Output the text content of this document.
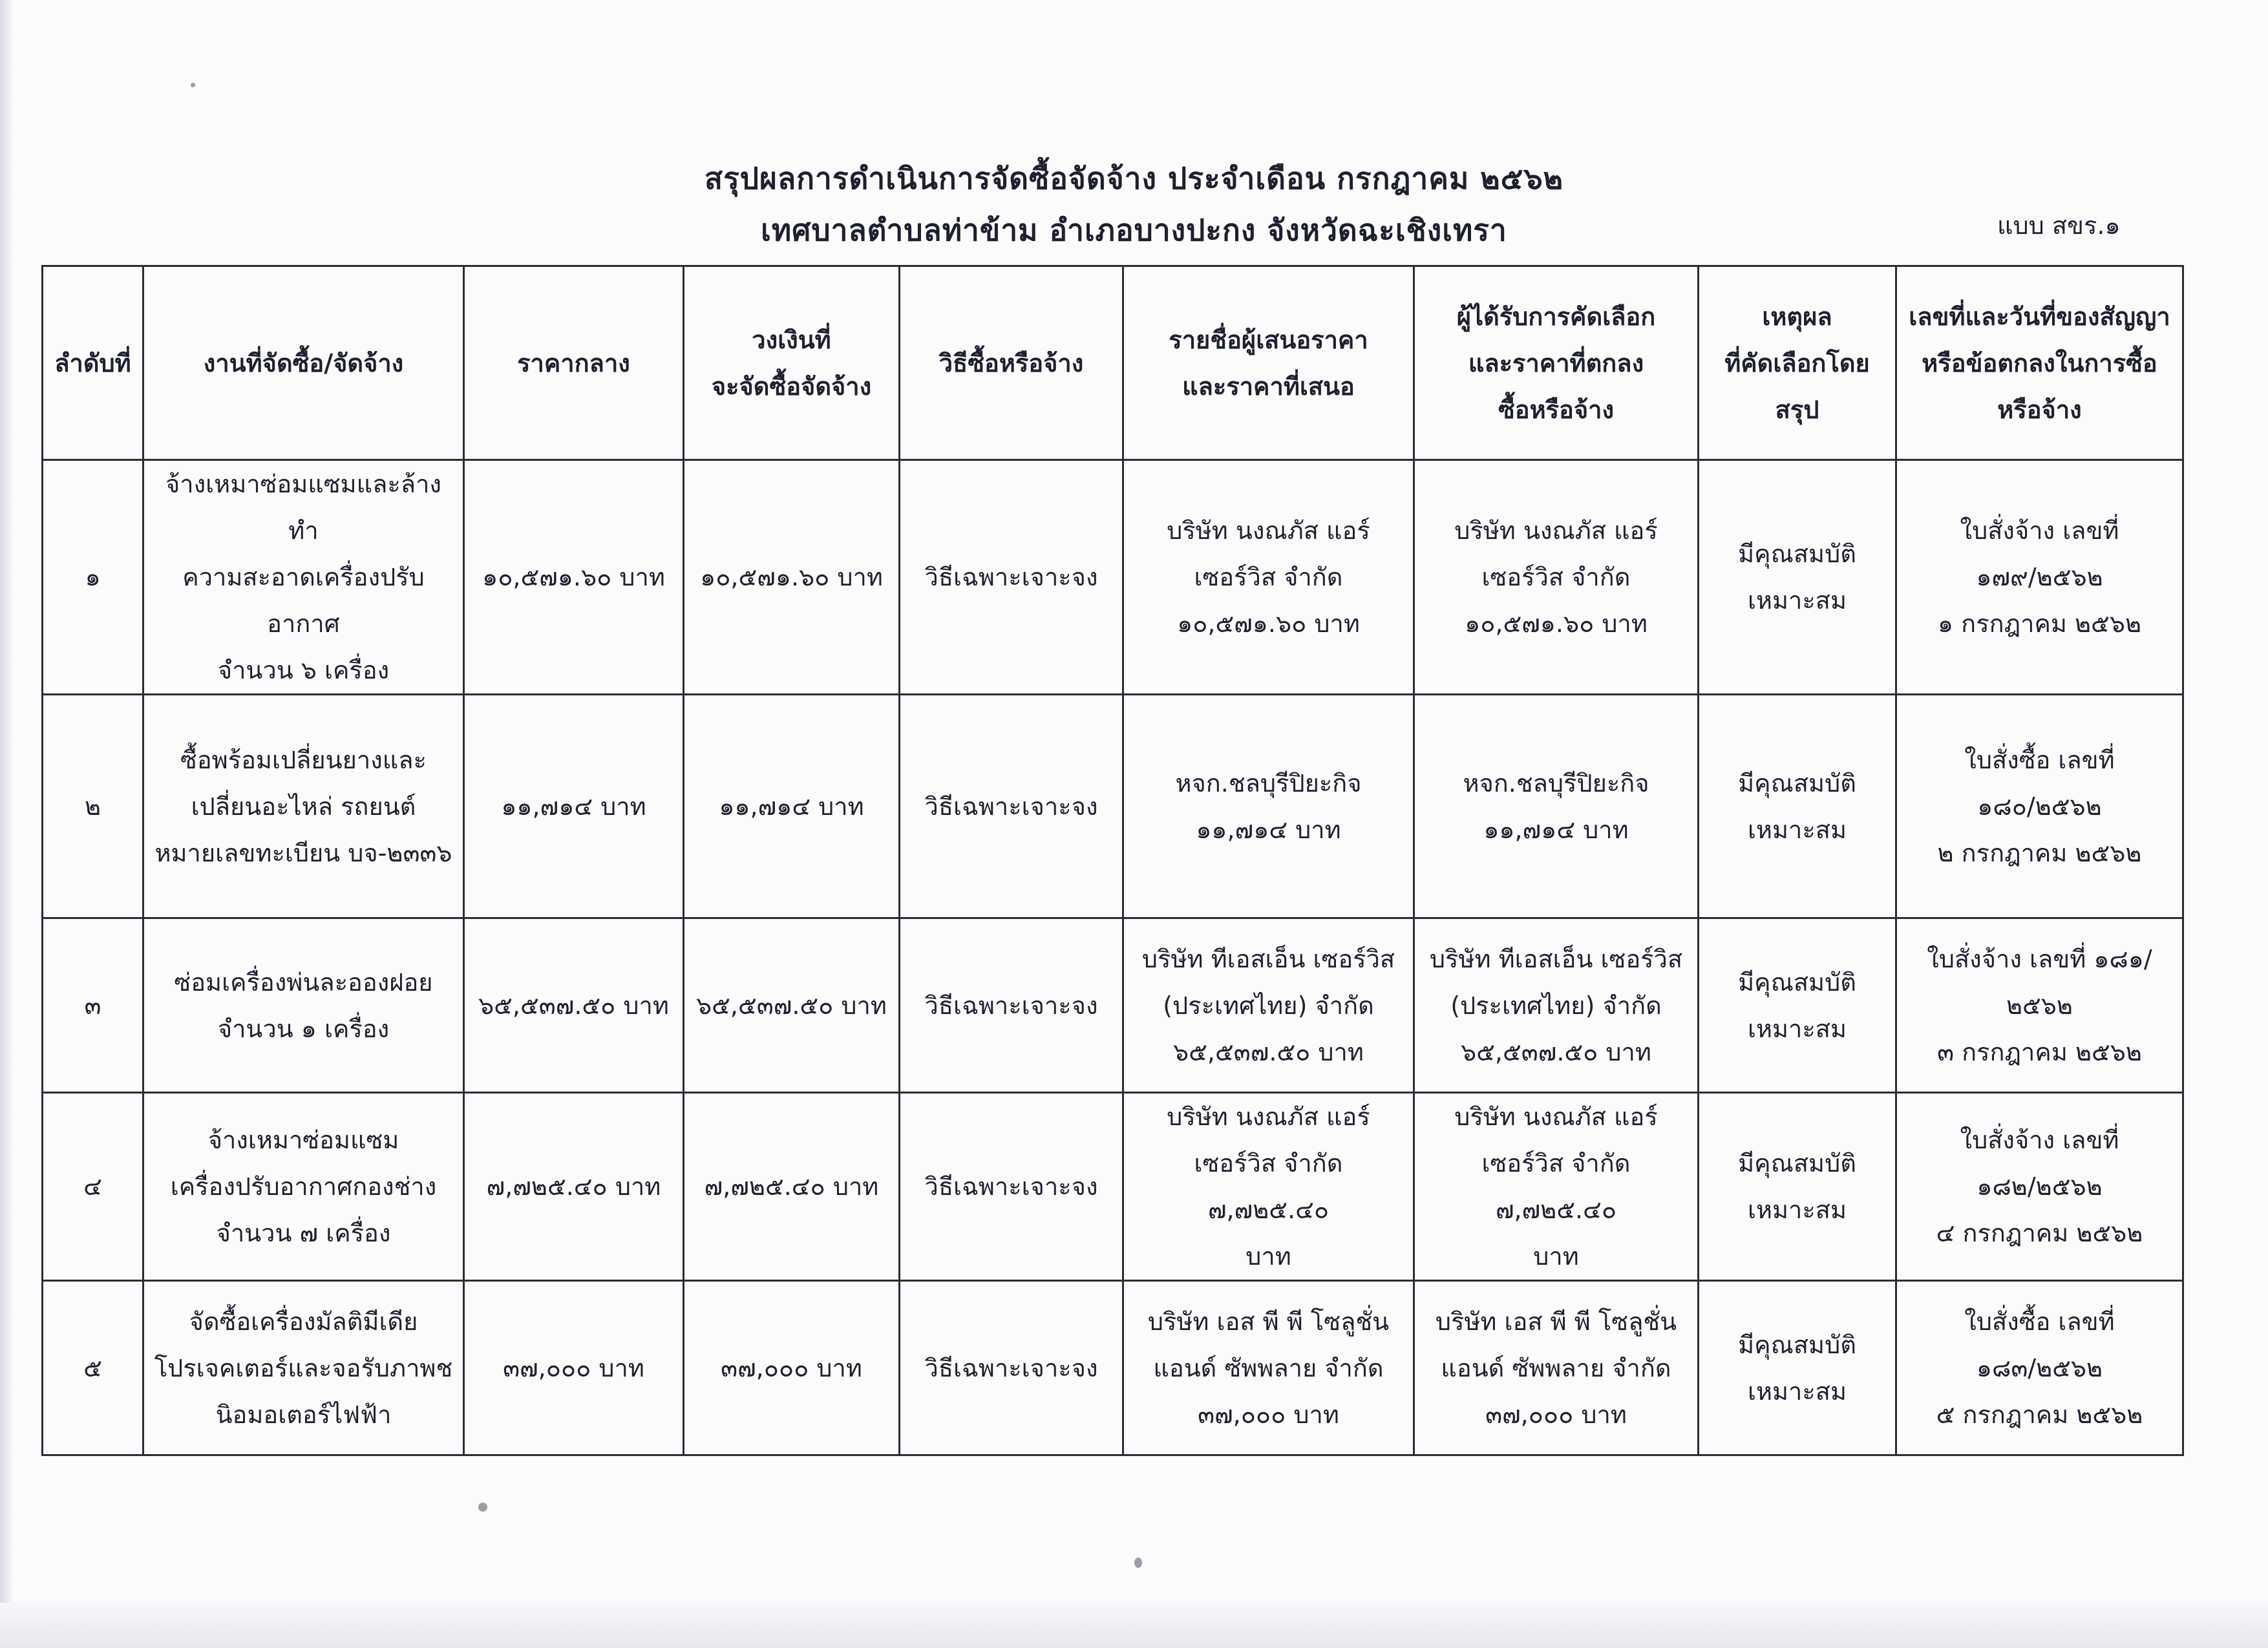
สรุปผลการดำเนินการจัดซื้อจัดจ้าง ประจำเดือน กรกฎาคม ๒๕๖๒
เทศบาลตำบลท่าข้าม อำเภอบางปะกง จังหวัดฉะเชิงเทรา	แบบ สขร.๑
ลำดับที่	งานที่จัดซื้อ/จัดจ้าง	ราคากลาง	วงเงินที่
จะจัดซื้อจัดจ้าง	วิธีซื้อหรือจ้าง	รายชื่อผู้เสนอราคา
และราคาที่เสนอ	ผู้ได้รับการคัดเลือก
และราคาที่ตกลง
ซื้อหรือจ้าง	เหตุผล
ที่คัดเลือกโดยสรุป	เลขที่และวันที่ของสัญญา
หรือข้อตกลงในการซื้อ
หรือจ้าง
๑	จ้างเหมาซ่อมแซมและล้างทำ
ความสะอาดเครื่องปรับอากาศ
จำนวน ๖ เครื่อง	๑๐,๕๗๑.๖๐ บาท	๑๐,๕๗๑.๖๐ บาท	วิธีเฉพาะเจาะจง	บริษัท นงณภัส แอร์
เซอร์วิส จำกัด
๑๐,๕๗๑.๖๐ บาท	บริษัท นงณภัส แอร์
เซอร์วิส จำกัด
๑๐,๕๗๑.๖๐ บาท	มีคุณสมบัติ
เหมาะสม	ใบสั่งจ้าง เลขที่
๑๗๙/๒๕๖๒
๑ กรกฎาคม ๒๕๖๒
๒	ซื้อพร้อมเปลี่ยนยางและ
เปลี่ยนอะไหล่ รถยนต์
หมายเลขทะเบียน บจ-๒๓๓๖	๑๑,๗๑๔ บาท	๑๑,๗๑๔ บาท	วิธีเฉพาะเจาะจง	หจก.ชลบุรีปิยะกิจ
๑๑,๗๑๔ บาท	หจก.ชลบุรีปิยะกิจ
๑๑,๗๑๔ บาท	มีคุณสมบัติ
เหมาะสม	ใบสั่งซื้อ เลขที่
๑๘๐/๒๕๖๒
๒ กรกฎาคม ๒๕๖๒
๓	ซ่อมเครื่องพ่นละอองฝอย
จำนวน ๑ เครื่อง	๖๕,๕๓๗.๕๐ บาท	๖๕,๕๓๗.๕๐ บาท	วิธีเฉพาะเจาะจง	บริษัท ทีเอสเอ็น เซอร์วิส
(ประเทศไทย) จำกัด
๖๕,๕๓๗.๕๐ บาท	บริษัท ทีเอสเอ็น เซอร์วิส
(ประเทศไทย) จำกัด
๖๕,๕๓๗.๕๐ บาท	มีคุณสมบัติ
เหมาะสม	ใบสั่งจ้าง เลขที่ ๑๘๑/
๒๕๖๒
๓ กรกฎาคม ๒๕๖๒
๔	จ้างเหมาซ่อมแซม
เครื่องปรับอากาศกองช่าง
จำนวน ๗ เครื่อง	๗,๗๒๕.๔๐ บาท	๗,๗๒๕.๔๐ บาท	วิธีเฉพาะเจาะจง	บริษัท นงณภัส แอร์
เซอร์วิส จำกัด ๗,๗๒๕.๔๐
บาท	บริษัท นงณภัส แอร์
เซอร์วิส จำกัด ๗,๗๒๕.๔๐
บาท	มีคุณสมบัติ
เหมาะสม	ใบสั่งจ้าง เลขที่
๑๘๒/๒๕๖๒
๔ กรกฎาคม ๒๕๖๒
๕	จัดซื้อเครื่องมัลติมีเดีย
โปรเจคเตอร์และจอรับภาพช
นิอมอเตอร์ไฟฟ้า	๓๗,๐๐๐ บาท	๓๗,๐๐๐ บาท	วิธีเฉพาะเจาะจง	บริษัท เอส พี พี โซลูชั่น
แอนด์ ซัพพลาย จำกัด
๓๗,๐๐๐ บาท	บริษัท เอส พี พี โซลูชั่น
แอนด์ ซัพพลาย จำกัด
๓๗,๐๐๐ บาท	มีคุณสมบัติ
เหมาะสม	ใบสั่งซื้อ เลขที่
๑๘๓/๒๕๖๒
๕ กรกฎาคม ๒๕๖๒
